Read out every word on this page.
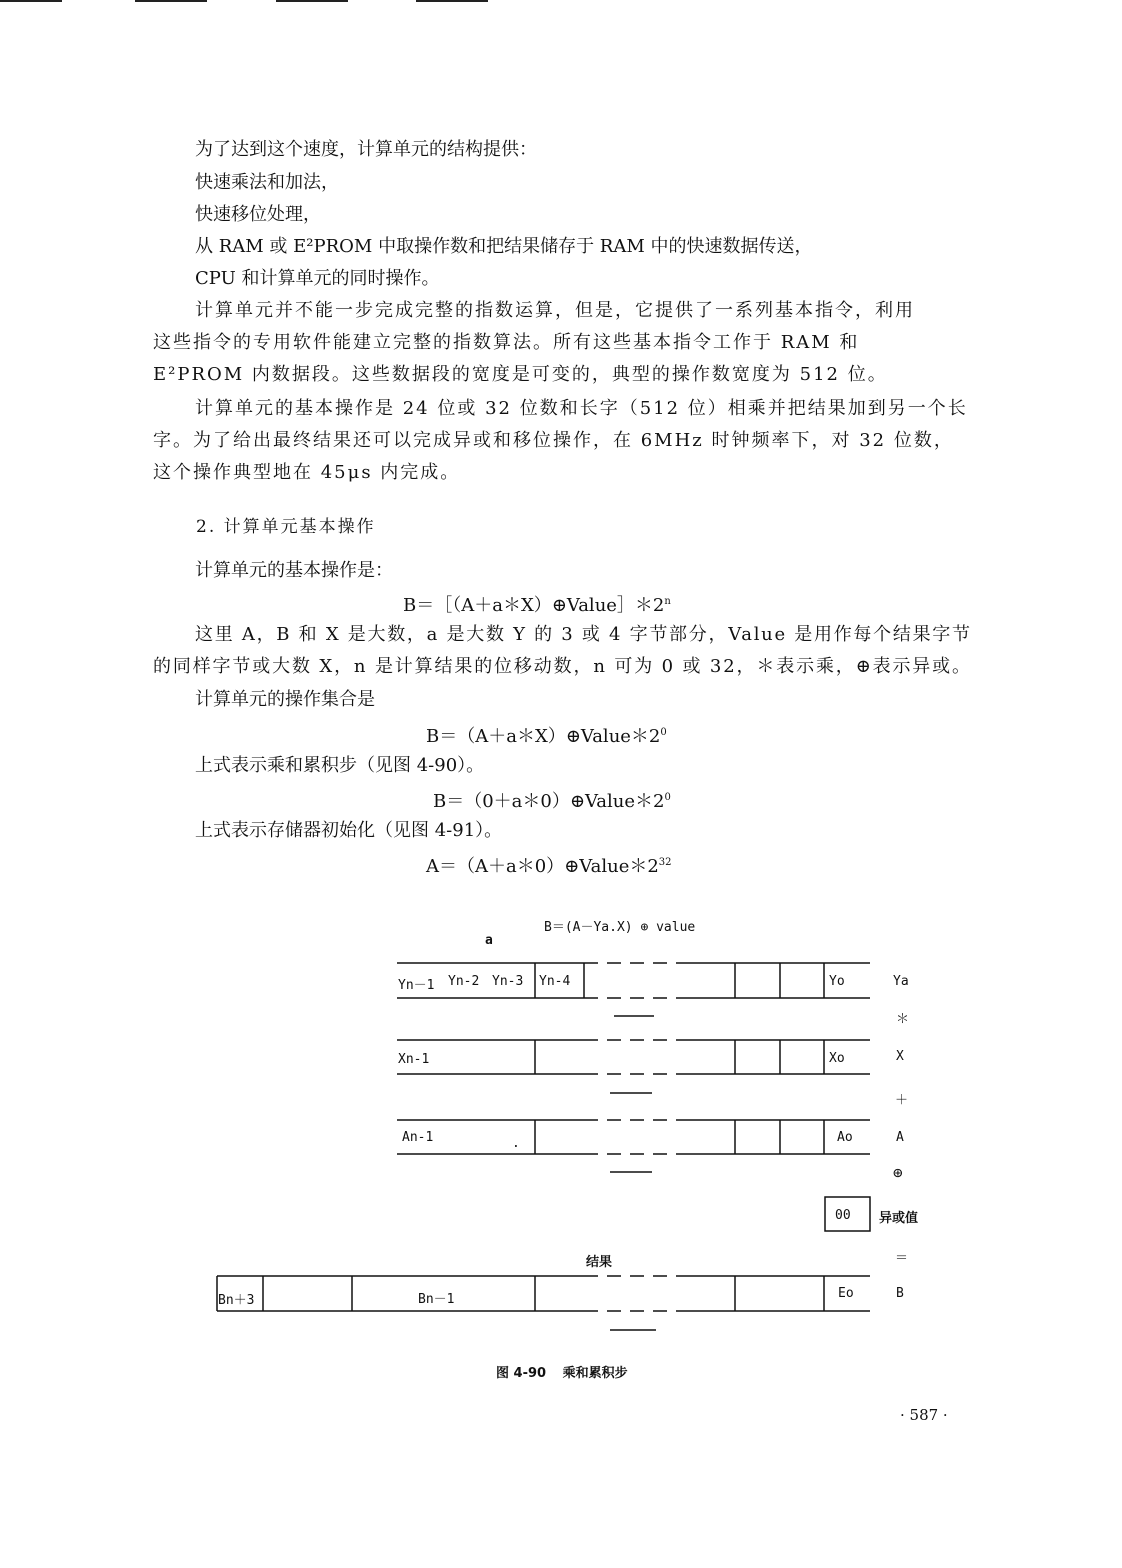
为了达到这个速度，计算单元的结构提供：
快速乘法和加法，
快速移位处理，
从 RAM 或 E²PROM 中取操作数和把结果储存于 RAM 中的快速数据传送，
CPU 和计算单元的同时操作。
计算单元并不能一步完成完整的指数运算，但是，它提供了一系列基本指令，利用
这些指令的专用软件能建立完整的指数算法。所有这些基本指令工作于 RAM 和
E²PROM 内数据段。这些数据段的宽度是可变的，典型的操作数宽度为 512 位。
计算单元的基本操作是 24 位或 32 位数和长字（512 位）相乘并把结果加到另一个长
字。为了给出最终结果还可以完成异或和移位操作，在 6MHz 时钟频率下，对 32 位数，
这个操作典型地在 45μs 内完成。
2. 计算单元基本操作
计算单元的基本操作是：
$B=[(A+a*X)\oplus Value]*2^n$
这里 A，B 和 X 是大数，a 是大数 Y 的 3 或 4 字节部分，Value 是用作每个结果字节
的同样字节或大数 X，n 是计算结果的位移动数，n 可为 0 或 32，＊表示乘，⊕表示异或。
计算单元的操作集合是
$B=(A+a*X)\oplus Value*2^0$
上式表示乘和累积步（见图 4-90）。
$B=(0+a*0)\oplus Value*2^0$
上式表示存储器初始化（见图 4-91）。
$A=(A+a*0)\oplus Value*2^{32}$
B＝(A－Ya.X) ⊕ value
a
Yn－1 Yn-2 Yn-3 Yn-4	Yo	Ya
＊
Xn-1	Xo	X
＋
An-1	.	Ao	A
⊕
00 异或值
结果	＝
Bn＋3	Bn－1	Eo	B
图 4-90 乘和累积步
· 587 ·
